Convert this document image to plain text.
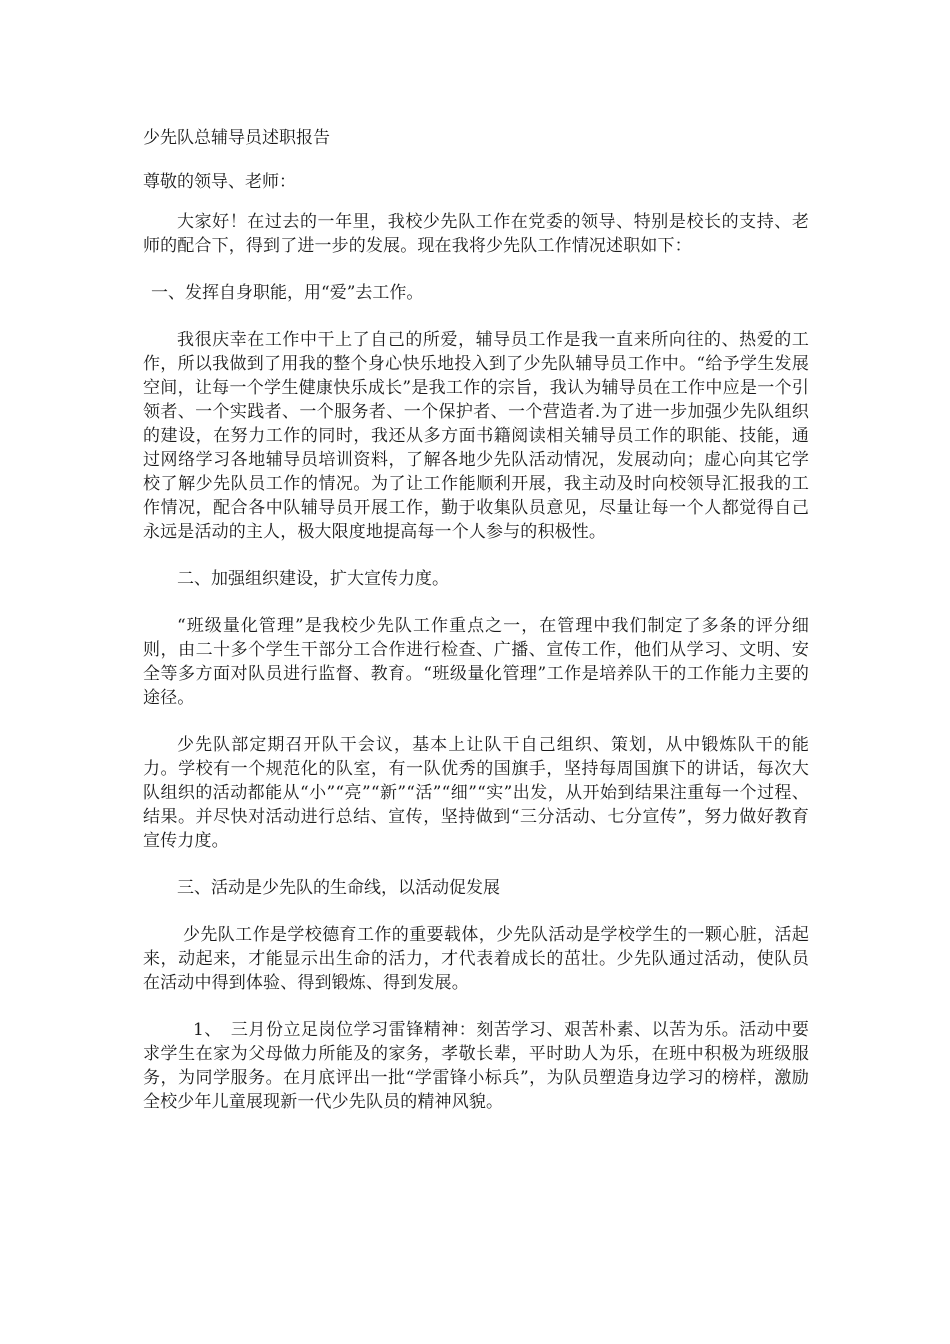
少先队总辅导员述职报告

尊敬的领导、老师：

大家好！在过去的一年里，我校少先队工作在党委的领导、特别是校长的支持、老师的配合下，得到了进一步的发展。现在我将少先队工作情况述职如下：

一、发挥自身职能，用“爱”去工作。

我很庆幸在工作中干上了自己的所爱，辅导员工作是我一直来所向往的、热爱的工作，所以我做到了用我的整个身心快乐地投入到了少先队辅导员工作中。“给予学生发展空间，让每一个学生健康快乐成长”是我工作的宗旨，我认为辅导员在工作中应是一个引领者、一个实践者、一个服务者、一个保护者、一个营造者.为了进一步加强少先队组织的建设，在努力工作的同时，我还从多方面书籍阅读相关辅导员工作的职能、技能，通过网络学习各地辅导员培训资料，了解各地少先队活动情况，发展动向；虚心向其它学校了解少先队员工作的情况。为了让工作能顺利开展，我主动及时向校领导汇报我的工作情况，配合各中队辅导员开展工作，勤于收集队员意见，尽量让每一个人都觉得自己永远是活动的主人，极大限度地提高每一个人参与的积极性。

二、加强组织建设，扩大宣传力度。

“班级量化管理”是我校少先队工作重点之一，在管理中我们制定了多条的评分细则，由二十多个学生干部分工合作进行检查、广播、宣传工作，他们从学习、文明、安全等多方面对队员进行监督、教育。“班级量化管理”工作是培养队干的工作能力主要的途径。

少先队部定期召开队干会议，基本上让队干自己组织、策划，从中锻炼队干的能力。学校有一个规范化的队室，有一队优秀的国旗手，坚持每周国旗下的讲话，每次大队组织的活动都能从“小”“亮”“新”“活”“细”“实”出发，从开始到结果注重每一个过程、结果。并尽快对活动进行总结、宣传，坚持做到“三分活动、七分宣传”，努力做好教育宣传力度。

三、活动是少先队的生命线，以活动促发展

少先队工作是学校德育工作的重要载体，少先队活动是学校学生的一颗心脏，活起来，动起来，才能显示出生命的活力，才代表着成长的茁壮。少先队通过活动，使队员在活动中得到体验、得到锻炼、得到发展。

1、　三月份立足岗位学习雷锋精神：刻苦学习、艰苦朴素、以苦为乐。活动中要求学生在家为父母做力所能及的家务，孝敬长辈，平时助人为乐，在班中积极为班级服务，为同学服务。在月底评出一批“学雷锋小标兵”，为队员塑造身边学习的榜样，激励全校少年儿童展现新一代少先队员的精神风貌。
